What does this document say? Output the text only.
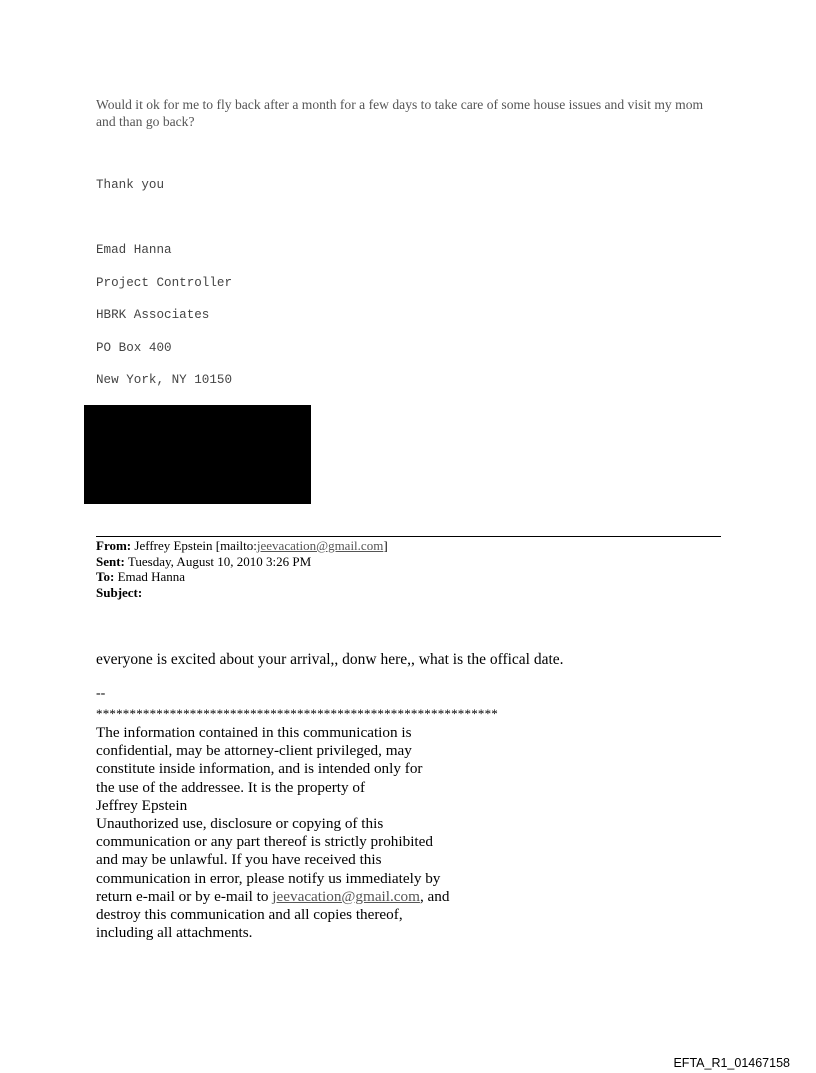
Would it ok for me to fly back after a month for a few days to take care of some house issues and visit my mom and than go back?
Thank you
Emad Hanna
Project Controller
HBRK Associates
PO Box 400
New York, NY 10150
From: Jeffrey Epstein [mailto:jeevacation@gmail.com]
Sent: Tuesday, August 10, 2010 3:26 PM
To: Emad Hanna
Subject:
everyone is excited about your arrival,, donw here,, what is the offical date.
--
************************************************************
The information contained in this communication is
confidential, may be attorney-client privileged, may
constitute inside information, and is intended only for
the use of the addressee. It is the property of
Jeffrey Epstein
Unauthorized use, disclosure or copying of this
communication or any part thereof is strictly prohibited
and may be unlawful. If you have received this
communication in error, please notify us immediately by
return e-mail or by e-mail to jeevacation@gmail.com, and
destroy this communication and all copies thereof,
including all attachments.
EFTA_R1_01467158
